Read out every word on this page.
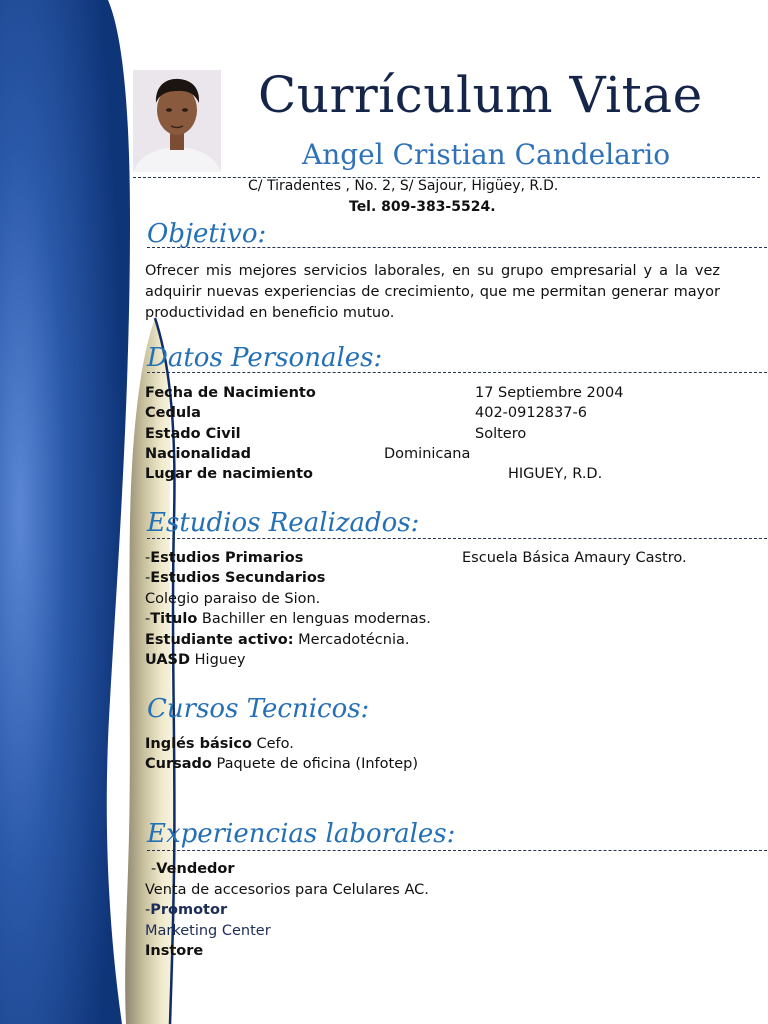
Currículum Vitae
Angel Cristian Candelario
C/ Tiradentes , No. 2, S/ Sajour, Higüey, R.D.
Tel. 809-383-5524.
Objetivo:
Ofrecer mis mejores servicios laborales, en su grupo empresarial y a la vez adquirir nuevas experiencias de crecimiento, que me permitan generar mayor productividad en beneficio mutuo.
Datos Personales:
Fecha de Nacimiento	17 Septiembre 2004
Cedula	402-0912837-6
Estado Civil	Soltero
Nacionalidad	Dominicana
Lugar de nacimiento	HIGUEY, R.D.
Estudios Realizados:
-Estudios Primarios	Escuela Básica Amaury Castro.
-Estudios Secundarios
Colegio paraiso de Sion.
-Titulo Bachiller en lenguas modernas.
Estudiante activo: Mercadotécnia.
UASD Higuey
Cursos Tecnicos:
Inglés básico Cefo.
Cursado Paquete de oficina (Infotep)
Experiencias laborales:
-Vendedor
Venta de accesorios para Celulares AC.
-Promotor
Marketing Center
Instore
